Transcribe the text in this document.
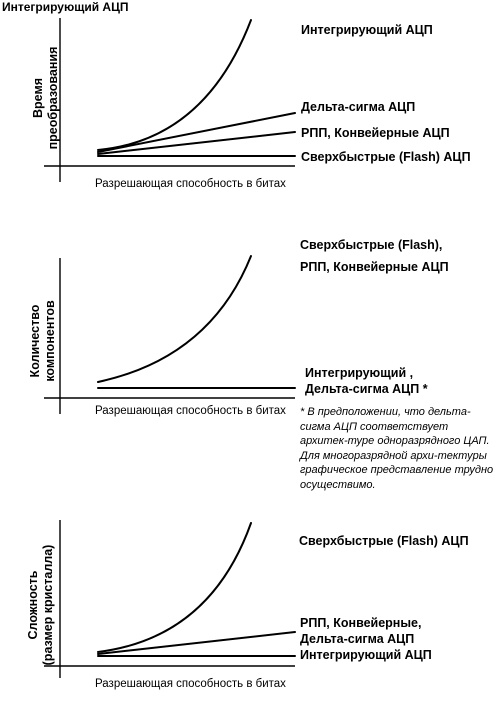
Интегрирующий АЦП
Время преобразования
Интегрирующий АЦП
Дельта-сигма АЦП
РПП, Конвейерные АЦП
Сверхбыстрые (Flash) АЦП
Разрешающая способность в битах
Количество компонентов
Сверхбыстрые (Flash),
РПП, Конвейерные АЦП
Интегрирующий ,
Дельта-сигма АЦП *
Разрешающая способность в битах * В предположении, что дельта-сигма АЦП соответствует архитек-туре одноразрядного ЦАП. Для многоразрядной архи-тектуры графическое представление трудно осуществимо.
Сложность (размер кристалла)
Сверхбыстрые (Flash) АЦП
РПП, Конвейерные,
Дельта-сигма АЦП
Интегрирующий АЦП
Разрешающая способность в битах
